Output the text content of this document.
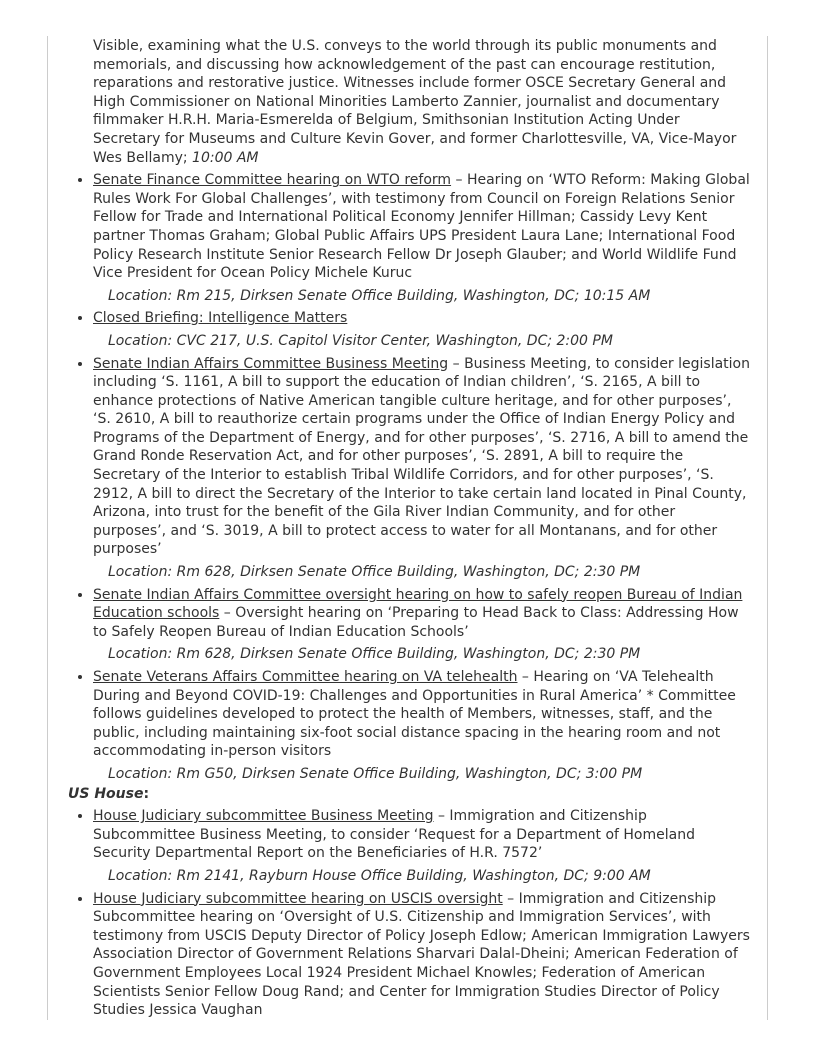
Visible, examining what the U.S. conveys to the world through its public monuments and memorials, and discussing how acknowledgement of the past can encourage restitution, reparations and restorative justice. Witnesses include former OSCE Secretary General and High Commissioner on National Minorities Lamberto Zannier, journalist and documentary filmmaker H.R.H. Maria-Esmerelda of Belgium, Smithsonian Institution Acting Under Secretary for Museums and Culture Kevin Gover, and former Charlottesville, VA, Vice-Mayor Wes Bellamy; 10:00 AM

• Senate Finance Committee hearing on WTO reform – Hearing on ‘WTO Reform: Making Global Rules Work For Global Challenges’, with testimony from Council on Foreign Relations Senior Fellow for Trade and International Political Economy Jennifer Hillman; Cassidy Levy Kent partner Thomas Graham; Global Public Affairs UPS President Laura Lane; International Food Policy Research Institute Senior Research Fellow Dr Joseph Glauber; and World Wildlife Fund Vice President for Ocean Policy Michele Kuruc
Location: Rm 215, Dirksen Senate Office Building, Washington, DC; 10:15 AM
• Closed Briefing: Intelligence Matters
Location: CVC 217, U.S. Capitol Visitor Center, Washington, DC; 2:00 PM
• Senate Indian Affairs Committee Business Meeting – Business Meeting, to consider legislation including ‘S. 1161, A bill to support the education of Indian children’, ‘S. 2165, A bill to enhance protections of Native American tangible culture heritage, and for other purposes’, ‘S. 2610, A bill to reauthorize certain programs under the Office of Indian Energy Policy and Programs of the Department of Energy, and for other purposes’, ‘S. 2716, A bill to amend the Grand Ronde Reservation Act, and for other purposes’, ‘S. 2891, A bill to require the Secretary of the Interior to establish Tribal Wildlife Corridors, and for other purposes’, ‘S. 2912, A bill to direct the Secretary of the Interior to take certain land located in Pinal County, Arizona, into trust for the benefit of the Gila River Indian Community, and for other purposes’, and ‘S. 3019, A bill to protect access to water for all Montanans, and for other purposes’
Location: Rm 628, Dirksen Senate Office Building, Washington, DC; 2:30 PM
• Senate Indian Affairs Committee oversight hearing on how to safely reopen Bureau of Indian Education schools – Oversight hearing on ‘Preparing to Head Back to Class: Addressing How to Safely Reopen Bureau of Indian Education Schools’
Location: Rm 628, Dirksen Senate Office Building, Washington, DC; 2:30 PM
• Senate Veterans Affairs Committee hearing on VA telehealth – Hearing on ‘VA Telehealth During and Beyond COVID-19: Challenges and Opportunities in Rural America’ * Committee follows guidelines developed to protect the health of Members, witnesses, staff, and the public, including maintaining six-foot social distance spacing in the hearing room and not accommodating in-person visitors
Location: Rm G50, Dirksen Senate Office Building, Washington, DC; 3:00 PM

US House:

• House Judiciary subcommittee Business Meeting – Immigration and Citizenship Subcommittee Business Meeting, to consider ‘Request for a Department of Homeland Security Departmental Report on the Beneficiaries of H.R. 7572’
Location: Rm 2141, Rayburn House Office Building, Washington, DC; 9:00 AM
• House Judiciary subcommittee hearing on USCIS oversight – Immigration and Citizenship Subcommittee hearing on ‘Oversight of U.S. Citizenship and Immigration Services’, with testimony from USCIS Deputy Director of Policy Joseph Edlow; American Immigration Lawyers Association Director of Government Relations Sharvari Dalal-Dheini; American Federation of Government Employees Local 1924 President Michael Knowles; Federation of American Scientists Senior Fellow Doug Rand; and Center for Immigration Studies Director of Policy Studies Jessica Vaughan
